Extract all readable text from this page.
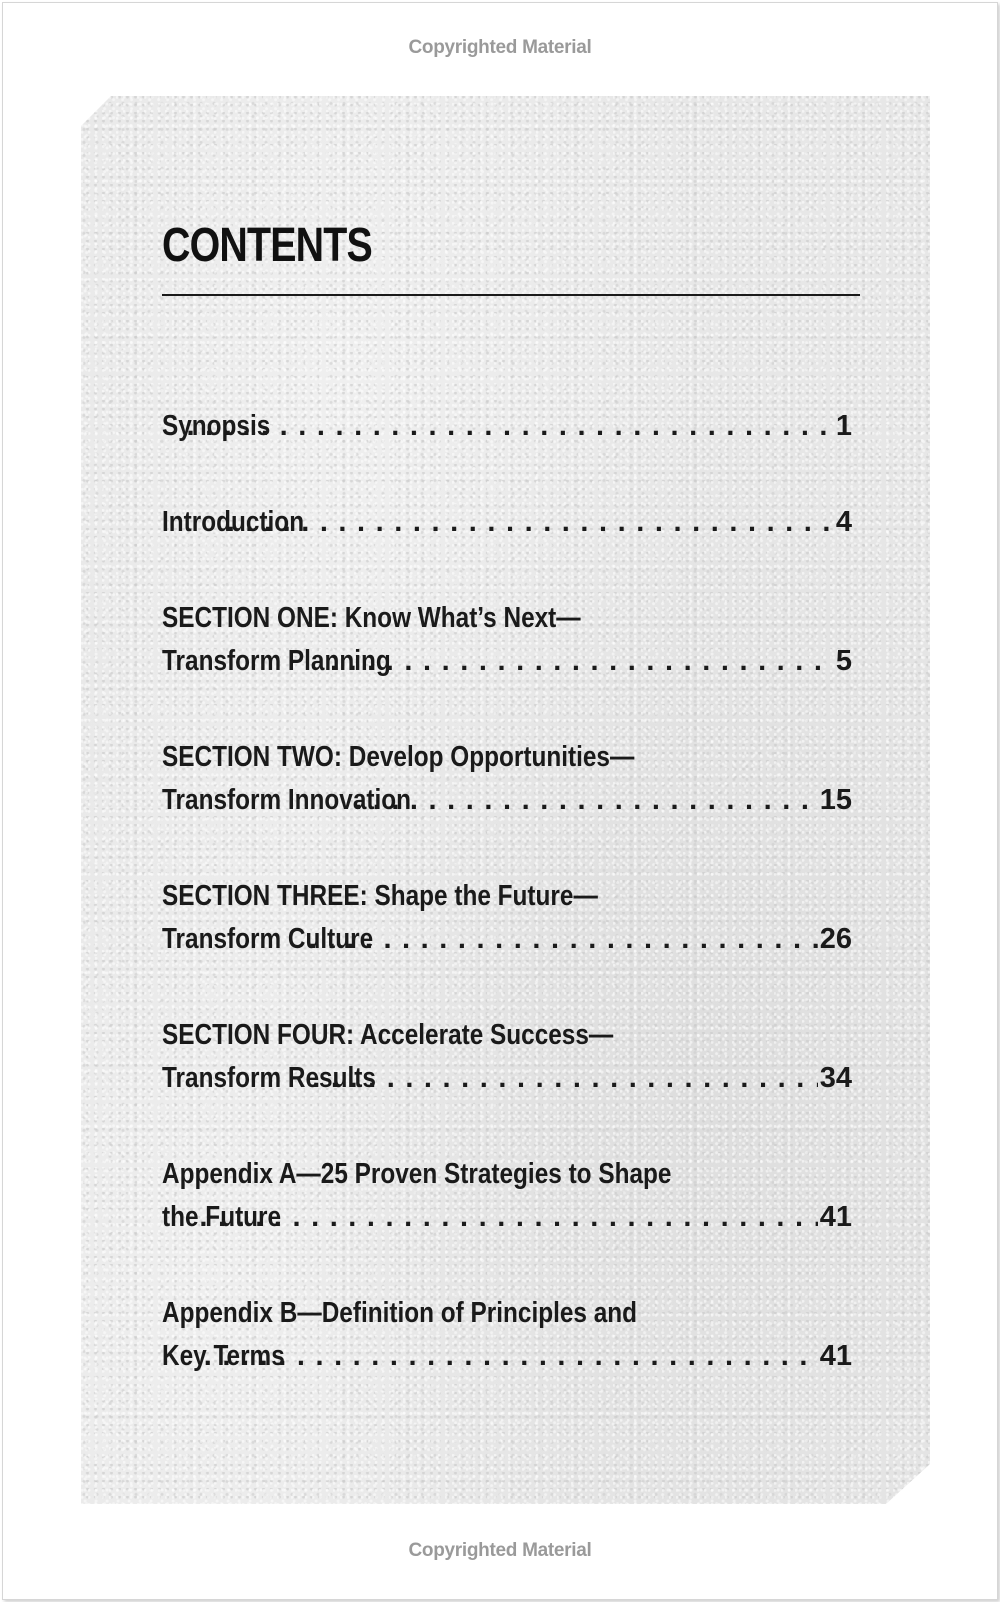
Copyrighted Material
CONTENTS
Synopsis . . .	1
Introduction . . .	4
SECTION ONE: Know What’s Next—
Transform Planning . . .	5
SECTION TWO: Develop Opportunities—
Transform Innovation . . .	15
SECTION THREE: Shape the Future—
Transform Culture . . .	26
SECTION FOUR: Accelerate Success—
Transform Results . . .	34
Appendix A—25 Proven Strategies to Shape
the Future . . .	41
Appendix B—Definition of Principles and
Key Terms . . .	41
Copyrighted Material
